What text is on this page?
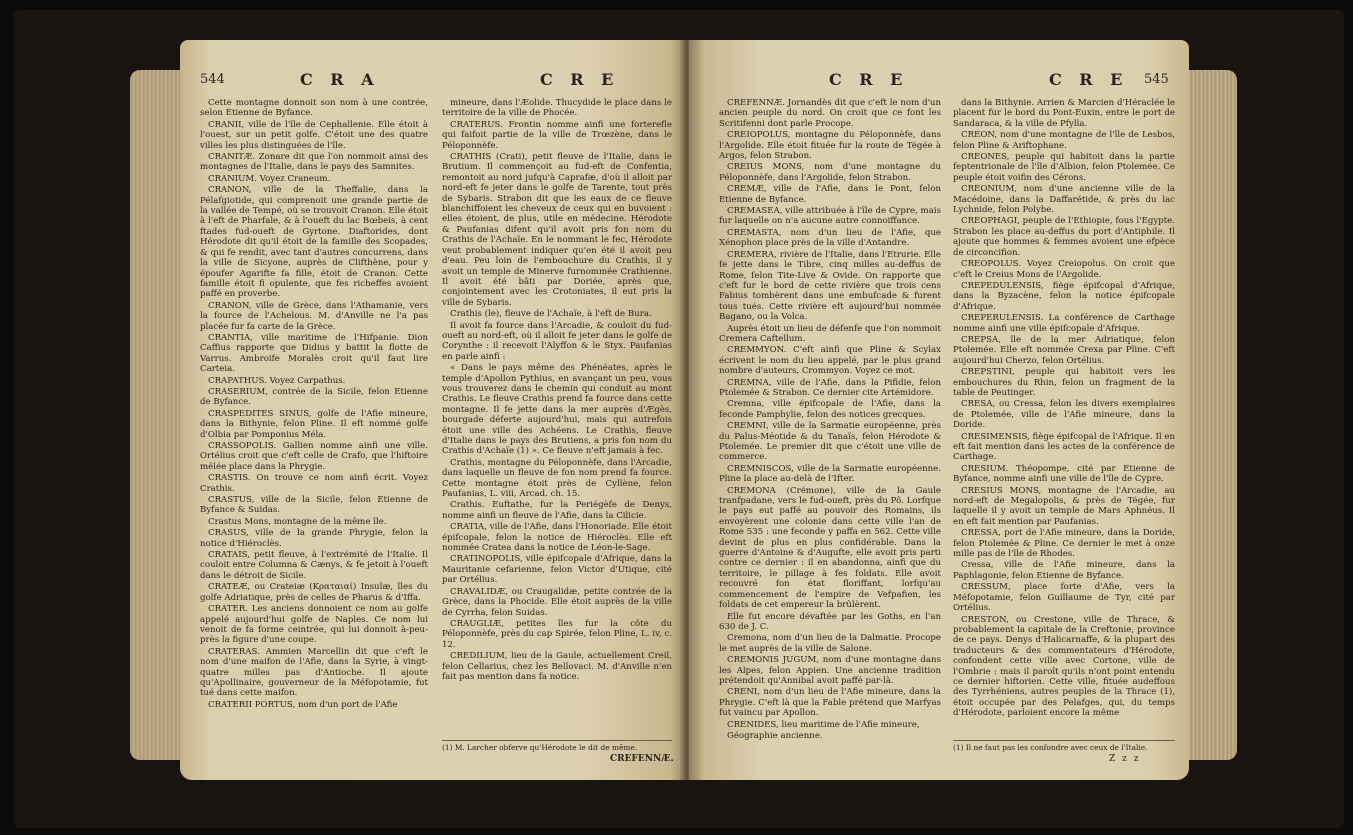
544	C R A	C R E

Cette montagne donnoit son nom à une contrée, selon Etienne de Byfance.

CRANII, ville de l'île de Cephallenie. Elle étoit à l'ouest, sur un petit golfe. C'étoit une des quatre villes les plus distinguées de l'île.

CRANITÆ. Zonare dit que l'on nommoit ainsi des montagnes de l'Italie, dans le pays des Samnites.

CRANIUM. Voyez Craneum.

CRANON, ville de la Theffalie, dans la Pélafgiotide, qui comprenoit une grande partie de la vallée de Tempé, où se trouvoit Cranon. Elle étoit à l'eft de Pharfale, & à l'oueft du lac Bœbeis, à cent ftades fud-oueft de Gyrtone. Diaftorides, dont Hérodote dit qu'il étoit de la famille des Scopades, & qui fe rendit, avec tant d'autres concurrens, dans la ville de Sicyone, auprès de Clifthène, pour y époufer Agarifte fa fille, étoit de Cranon. Cette famille étoit fi opulente, que fes richeffes avoient paffé en proverbe.

CRANON, ville de Grèce, dans l'Athamanie, vers la fource de l'Achelous. M. d'Anville ne l'a pas placée fur fa carte de la Grèce.

CRANTIA, ville maritime de l'Hifpanie. Dion Caffius rapporte que Didius y battit la flotte de Varrus. Ambroife Moralès croit qu'il faut lire Carteia.

CRAPATHUS. Voyez Carpathus.

CRASERIUM, contrée de la Sicile, felon Etienne de Byfance.

CRASPEDITES SINUS, golfe de l'Afie mineure, dans la Bithynie, felon Pline. Il eft nommé golfe d'Olbia par Pomponius Méla.

CRASSOPOLIS. Gallien nomme ainfi une ville. Ortélius croit que c'eft celle de Crafo, que l'hiftoire mêlée place dans la Phrygie.

CRASTIS. On trouve ce nom ainfi écrit. Voyez Crathis.

CRASTUS, ville de la Sicile, felon Etienne de Byfance & Suidas.

Crastus Mons, montagne de la même île.

CRASUS, ville de la grande Phrygie, felon la notice d'Hiéroclès.

CRATAIS, petit fleuve, à l'extrémité de l'Italie. Il couloit entre Columna & Cænys, & fe jetoit à l'oueft dans le détroit de Sicile.

CRATEÆ, ou Crateiæ (Κραταιαί) Insulæ, îles du golfe Adriatique, près de celles de Pharus & d'Iffa.

CRATER. Les anciens donnoient ce nom au golfe appelé aujourd'hui golfe de Naples. Ce nom lui venoit de fa forme ceintrée, qui lui donnoit à-peu-près la figure d'une coupe.

CRATERAS. Ammien Marcellin dit que c'eft le nom d'une maifon de l'Afie, dans la Syrie, à vingt-quatre milles pas d'Antioche. Il ajoute qu'Apollinaire, gouverneur de la Méfopotamie, fut tué dans cette maifon.

CRATERII PORTUS, nom d'un port de l'Afie

mineure, dans l'Æolide. Thucydide le place dans le territoire de la ville de Phocée.

CRATERUS. Frontin nomme ainfi une forterefle qui faifoit partie de la ville de Trœzène, dans le Péloponnèfe.

CRATHIS (Crati), petit fleuve de l'Italie, dans le Brutium. Il commençoit au fud-eft de Confentia, remontoit au nord jufqu'à Caprafæ, d'où il alloit par nord-eft fe jeter dans le golfe de Tarente, tout près de Sybaris. Strabon dit que les eaux de ce fleuve blanchiffoient les cheveux de ceux qui en buvoient : elles étoient, de plus, utile en médecine. Hérodote & Paufanias difent qu'il avoit pris fon nom du Crathis de l'Achaïe. En le nommant le fec, Hérodote veut probablement indiquer qu'en été il avoit peu d'eau. Peu loin de l'embouchure du Crathis, il y avoit un temple de Minerve furnommée Crathienne. Il avoit été bâti par Doriée, après que, conjointement avec les Crotoniates, il eut pris la ville de Sybaris.

Crathis (le), fleuve de l'Achaïe, à l'eft de Bura.

Il avoit fa fource dans l'Arcadie, & couloit du fud-oueft au nord-eft, où il alloit fe jeter dans le golfe de Corynthe : il recevoit l'Alyffon & le Styx. Paufanias en parle ainfi :

« Dans le pays même des Phénéates, après le temple d'Apollon Pythius, en avançant un peu, vous vous trouverez dans le chemin qui conduit au mont Crathis. Le fleuve Crathis prend fa fource dans cette montagne. Il fe jette dans la mer auprès d'Ægès, bourgade déferte aujourd'hui, mais qui autrefois étoit une ville des Achéens. Le Crathis, fleuve d'Italie dans le pays des Brutiens, a pris fon nom du Crathis d'Achaïe (1) ». Ce fleuve n'eft jamais à fec.

Crathis, montagne du Péloponnèfe, dans l'Arcadie, dans laquelle un fleuve de fon nom prend fa fource. Cette montagne étoit près de Cyllène, felon Paufanias, L. viii, Arcad. ch. 15.

Crathis. Euftathe, fur la Periégèfe de Denys, nomme ainfi un fleuve de l'Afie, dans la Cilicie.

CRATIA, ville de l'Afie, dans l'Honoriade. Elle étoit épifcopale, felon la notice de Hiéroclès. Elle eft nommée Cratea dans la notice de Léon-le-Sage.

CRATINOPOLIS, ville épifcopale d'Afrique, dans la Mauritanie cefarienne, felon Victor d'Utique, cité par Ortélius.

CRAVALIDÆ, ou Craugalidæ, petite contrée de la Grèce, dans la Phocide. Elle étoit auprès de la ville de Cyrrha, felon Suidas.

CRAUGLIÆ, petites îles fur la côte du Péloponnèfe, près du cap Spirée, felon Pline, L. iv, c. 12.

CREDILIUM, lieu de la Gaule, actuellement Creil, felon Cellarius, chez les Bellovaci. M. d'Anville n'en fait pas mention dans fa notice.

(1) M. Larcher obferve qu'Hérodote le dit de même.
CREFENNÆ.
C R E	C R E 545

CREFENNÆ. Jornandès dit que c'eft le nom d'un ancien peuple du nord. On croit que ce font les Scritifenni dont parle Procope.

CREIOPOLUS, montagne du Péloponnèfe, dans l'Argolide. Elle étoit fituée fur la route de Tégée à Argos, felon Strabon.

CREIUS MONS, nom d'une montagne du Péloponnèfe, dans l'Argolide, felon Strabon.

CREMÆ, ville de l'Afie, dans le Pont, felon Etienne de Byfance.

CREMASEA, ville attribuée à l'île de Cypre, mais fur laquelle on n'a aucune autre connoiffance.

CREMASTA, nom d'un lieu de l'Afie, que Xénophon place près de la ville d'Antandre.

CREMERA, rivière de l'Italie, dans l'Etrurie. Elle fe jette dans le Tibre, cinq milles au-deffus de Rome, felon Tite-Live & Ovide. On rapporte que c'eft fur le bord de cette rivière que trois cens Fabius tombèrent dans une embufcade & furent tous tués. Cette rivière eft aujourd'hui nommée Bagano, ou la Volca.

Auprès étoit un lieu de défenfe que l'on nommoit Cremera Caftellum.

CREMMYON. C'eft ainfi que Pline & Scylax écrivent le nom du lieu appelé, par le plus grand nombre d'auteurs, Crommyon. Voyez ce mot.

CREMNA, ville de l'Afie, dans la Pifidie, felon Ptolemée & Strabon. Ce dernier cite Artémidore.

Cremna, ville épifcopale de l'Afie, dans la feconde Pamphylie, felon des notices grecques.

CREMNI, ville de la Sarmatie européenne, près du Palus-Méotide & du Tanaïs, felon Hérodote & Ptolemée. Le premier dit que c'étoit une ville de commerce.

CREMNISCOS, ville de la Sarmatie européenne. Pline la place au-delà de l'Ifter.

CREMONA (Crémone), ville de la Gaule tranfpadane, vers le fud-oueft, près du Pô. Lorfque le pays eut paffé au pouvoir des Romains, ils envoyèrent une colonie dans cette ville l'an de Rome 535 : une feconde y paffa en 562. Cette ville devint de plus en plus confidérable. Dans la guerre d'Antoine & d'Augufte, elle avoit pris parti contre ce dernier : il en abandonna, ainfi que du territoire, le pillage à fes foldats. Elle avoit recouvré fon état floriffant, lorfqu'au commencement de l'empire de Vefpafien, les foldats de cet empereur la brûlèrent.

Elle fut encore dévaftée par les Goths, en l'an 630 de J. C.

Cremona, nom d'un lieu de la Dalmatie. Procope le met auprès de la ville de Salone.

CREMONIS JUGUM, nom d'une montagne dans les Alpes, felon Appien. Une ancienne tradition prétendoit qu'Annibal avoit paffé par-là.

CRENI, nom d'un lieu de l'Afie mineure, dans la Phrygie. C'eft là que la Fable prétend que Marfyas fut vaincu par Apollon.

CRENIDES, lieu maritime de l'Afie mineure,

Géographie ancienne.

dans la Bithynie. Arrien & Marcien d'Héraclée le placent fur le bord du Pont-Euxin, entre le port de Sandaraca, & la ville de Pfylla.

CREON, nom d'une montagne de l'île de Lesbos, felon Pline & Ariftophane.

CREONES, peuple qui habitoit dans la partie feptentrionale de l'île d'Albion, felon Ptolemée. Ce peuple étoit voifin des Cérons.

CREONIUM, nom d'une ancienne ville de la Macédoine, dans la Daffarétide, & près du lac Lychnide, felon Polybe.

CREOPHAGI, peuple de l'Ethiopie, fous l'Egypte. Strabon les place au-deffus du port d'Antiphile. Il ajoute que hommes & femmes avoient une efpèce de circoncifion.

CREOPOLUS. Voyez Creiopolus. On croit que c'eft le Creius Mons de l'Argolide.

CREPEDULENSIS, fiège épifcopal d'Afrique, dans la Byzacène, felon la notice épifcopale d'Afrique.

CREPERULENSIS. La conférence de Carthage nomme ainfi une ville épifcopale d'Afrique.

CREPSA, île de la mer Adriatique, felon Ptolemée. Elle eft nommée Crexa par Pline. C'eft aujourd'hui Cherzo, felon Ortélius.

CREPSTINI, peuple qui habitoit vers les embouchures du Rhin, felon un fragment de la table de Peutinger.

CRESA, ou Cressa, felon les divers exemplaires de Ptolemée, ville de l'Afie mineure, dans la Doride.

CRESIMENSIS, fiège épifcopal de l'Afrique. Il en eft fait mention dans les actes de la conférence de Carthage.

CRESIUM. Théopompe, cité par Etienne de Byfance, nomme ainfi une ville de l'île de Cypre.

CRESIUS MONS, montagne de l'Arcadie, au nord-eft de Megalopolis, & près de Tégée, fur laquelle il y avoit un temple de Mars Aphnéus. Il en eft fait mention par Paufanias.

CRESSA, port de l'Afie mineure, dans la Doride, felon Ptolemée & Pline. Ce dernier le met à onze mille pas de l'île de Rhodes.

Cressa, ville de l'Afie mineure, dans la Paphlagonie, felon Etienne de Byfance.

CRESSUM, place forte d'Afie, vers la Méfopotamie, felon Guillaume de Tyr, cité par Ortélius.

CRESTON, ou Crestone, ville de Thrace, & probablement la capitale de la Creftonie, province de ce pays. Denys d'Halicarnaffe, & la plupart des traducteurs & des commentateurs d'Hérodote, confondent cette ville avec Cortone, ville de l'Ombrie : mais il paroît qu'ils n'ont point entendu ce dernier hiftorien. Cette ville, fituée audeffous des Tyrrhéniens, autres peuples de la Thrace (1), étoit occupée par des Pelafges, qui, du temps d'Hérodote, parloient encore la même

(1) Il ne faut pas les confondre avec ceux de l'Italie.
Z z z
